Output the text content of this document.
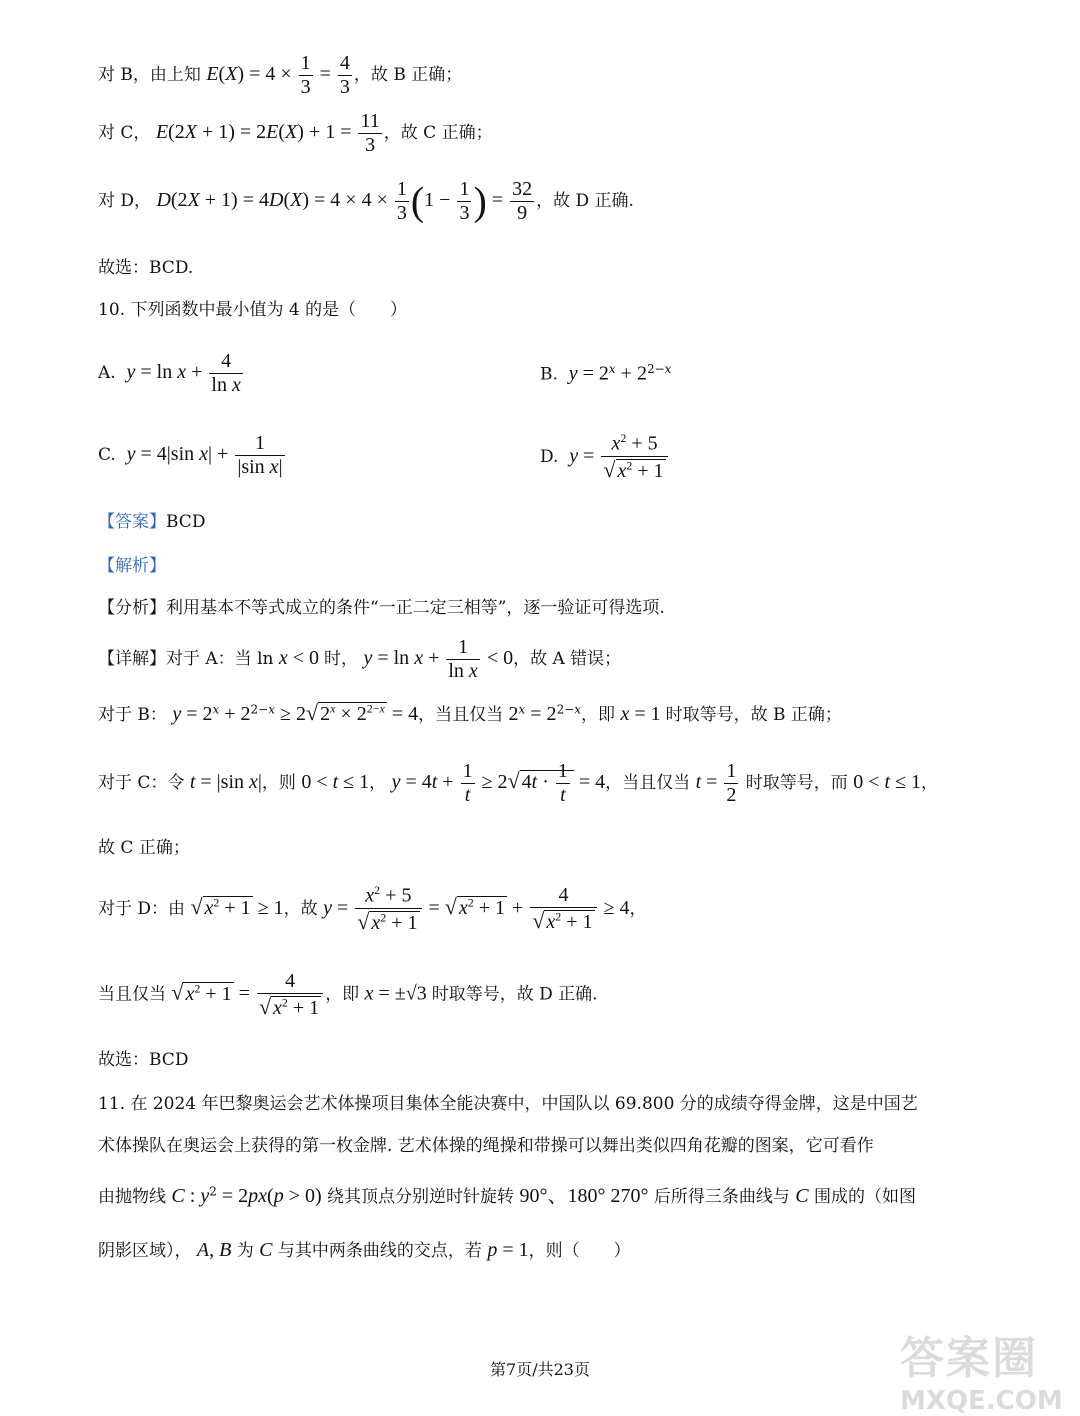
对 B，由上知 $E(X) = 4 \times \frac{1}{3} = \frac{4}{3}$ ，故 B 正确；
对 C， $E(2X + 1) = 2E(X) + 1 = \frac{11}{3}$ ，故 C 正确；
对 D， $D(2X + 1) = 4D(X) = 4 \times 4 \times \frac{1}{3} (1 - \frac{1}{3}$ ) = $\frac{32}{9}$ ，故 D 正确.
故选：BCD.
10. 下列函数中最小值为 4 的是（　　）
A.  $y = \ln x + \frac{4}{\text{ln x}}$	B.  $y = 2^x + 2^{2-x}$
C.  y = 4|sin $x| + \frac{1}{\text{|sin x|}}$	D.  $y = \frac{x^2 + 5}{√ x^2 + 1}$
【答案】BCD
【解析】
【分析】利用基本不等式成立的条件“一正二定三相等”，逐一验证可得选项.
【详解】对于 A：当 ln x < 0 时， $y = \ln x + \frac{1}{\text{ln x}} < 0$，故 A 错误；
对于 B： $y = 2^x + 2^{2-x} \ge 2√$ $2^x \times 2^{2-x} = 4$，当且仅当 $2^x = 2^{2-x}$，即 x = 1 时取等号，故 B 正确；
对于 C：令 t = |sin x|，则 0 < t ≤ 1， $y = 4t + \frac{1}{t} \ge 2√$ $4t \cdot \frac{1}{t} = 4$，当且仅当 $t = \frac{1}{2}$ 时取等号，而 0 < t ≤ 1，
故 C 正确；
对于 D：由 √ $x^2 + 1 \ge 1$，故 $y = \frac{x^2 + 5}{√ x^2 + 1}$ = √ $x^2 + 1 + \frac{4}{√ x^2 + 1} \ge 4$，
当且仅当 √ $x^2 + 1 = \frac{4}{√ x^2 + 1}$ ，即 x = ±√3 时取等号，故 D 正确.
故选：BCD
11. 在 2024 年巴黎奥运会艺术体操项目集体全能决赛中，中国队以 69.800 分的成绩夺得金牌，这是中国艺
术体操队在奥运会上获得的第一枚金牌. 艺术体操的绳操和带操可以舞出类似四角花瓣的图案，它可看作
由抛物线 C : $y^2 = 2px(p > 0)$ 绕其顶点分别逆时针旋转 90°、180° 270° 后所得三条曲线与 C 围成的（如图
阴影区域）， A, B 为 C 与其中两条曲线的交点，若 p = 1，则（　　）
第7页/共23页	答案圈
MXQE.COM
